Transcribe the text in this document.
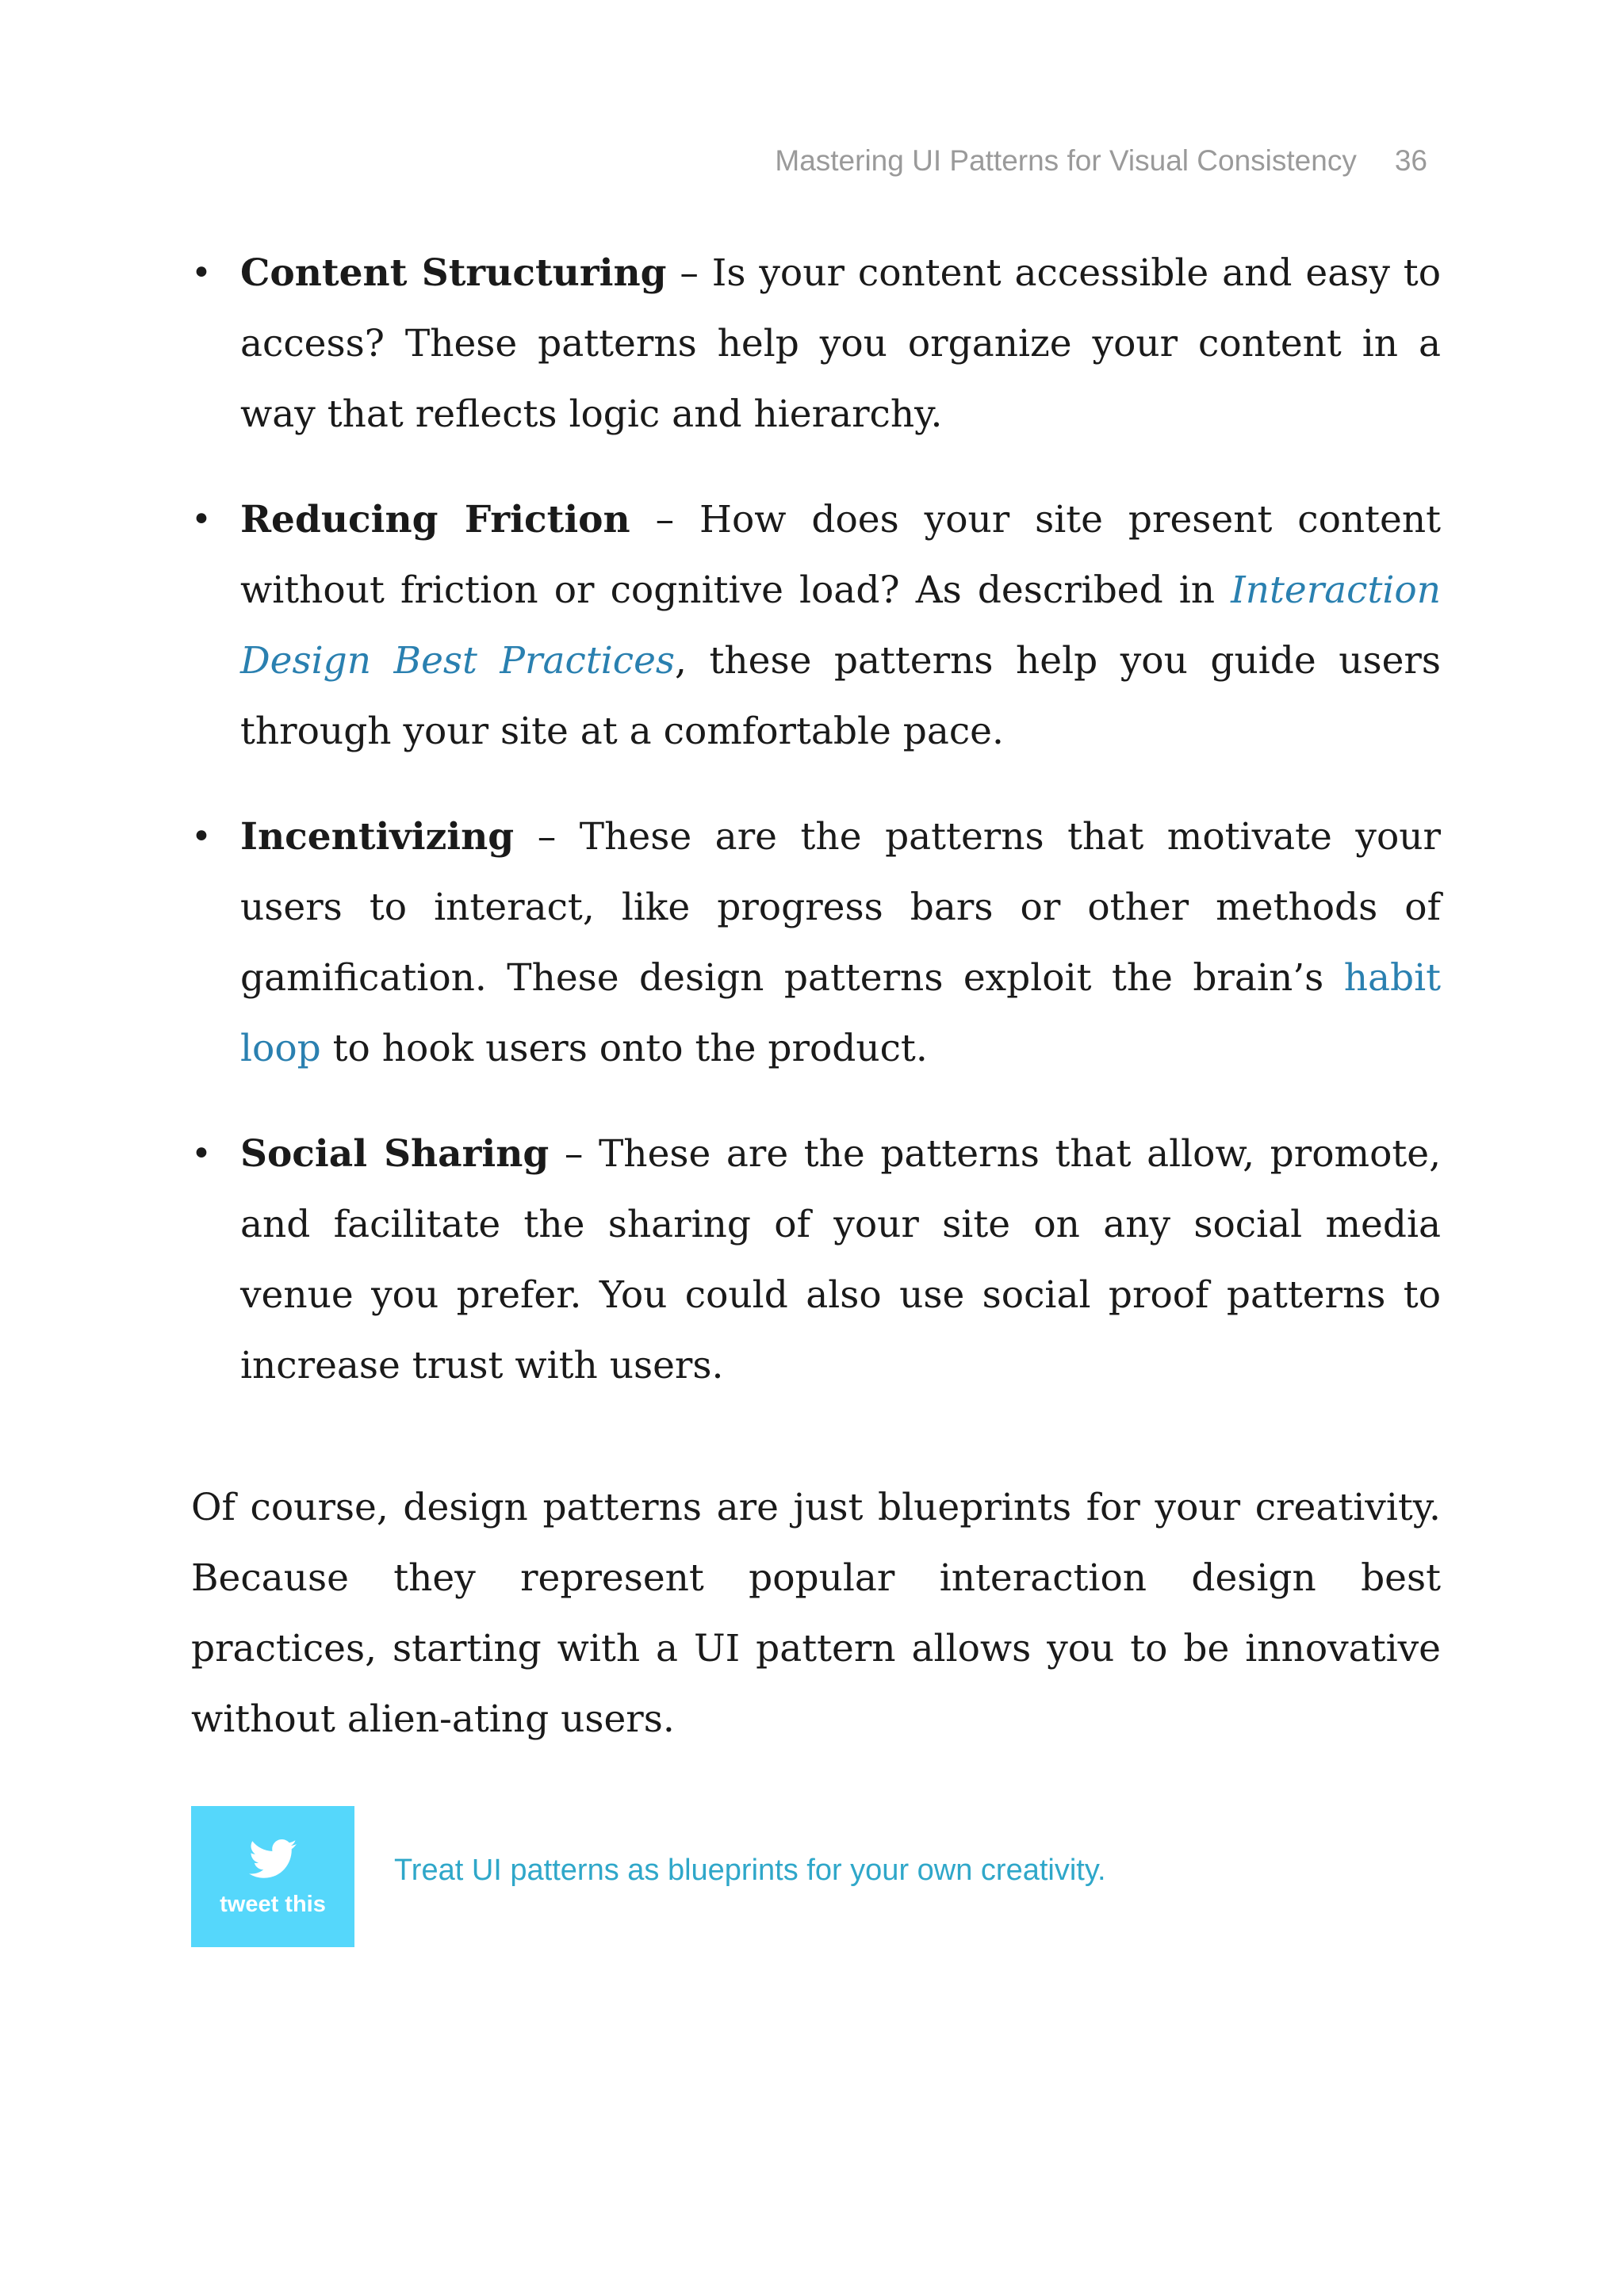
Mastering UI Patterns for Visual Consistency 36
• Content Structuring – Is your content accessible and easy to access? These patterns help you organize your content in a way that reflects logic and hierarchy.
• Reducing Friction – How does your site present content without friction or cognitive load? As described in Interaction Design Best Practices, these patterns help you guide users through your site at a comfortable pace.
• Incentivizing – These are the patterns that motivate your users to interact, like progress bars or other methods of gamification. These design patterns exploit the brain’s habit loop to hook users onto the product.
• Social Sharing – These are the patterns that allow, promote, and facilitate the sharing of your site on any social media venue you prefer. You could also use social proof patterns to increase trust with users.

Of course, design patterns are just blueprints for your creativity. Because they represent popular interaction design best practices, starting with a UI pattern allows you to be innovative without alien-ating users.

tweet this
Treat UI patterns as blueprints for your own creativity.
